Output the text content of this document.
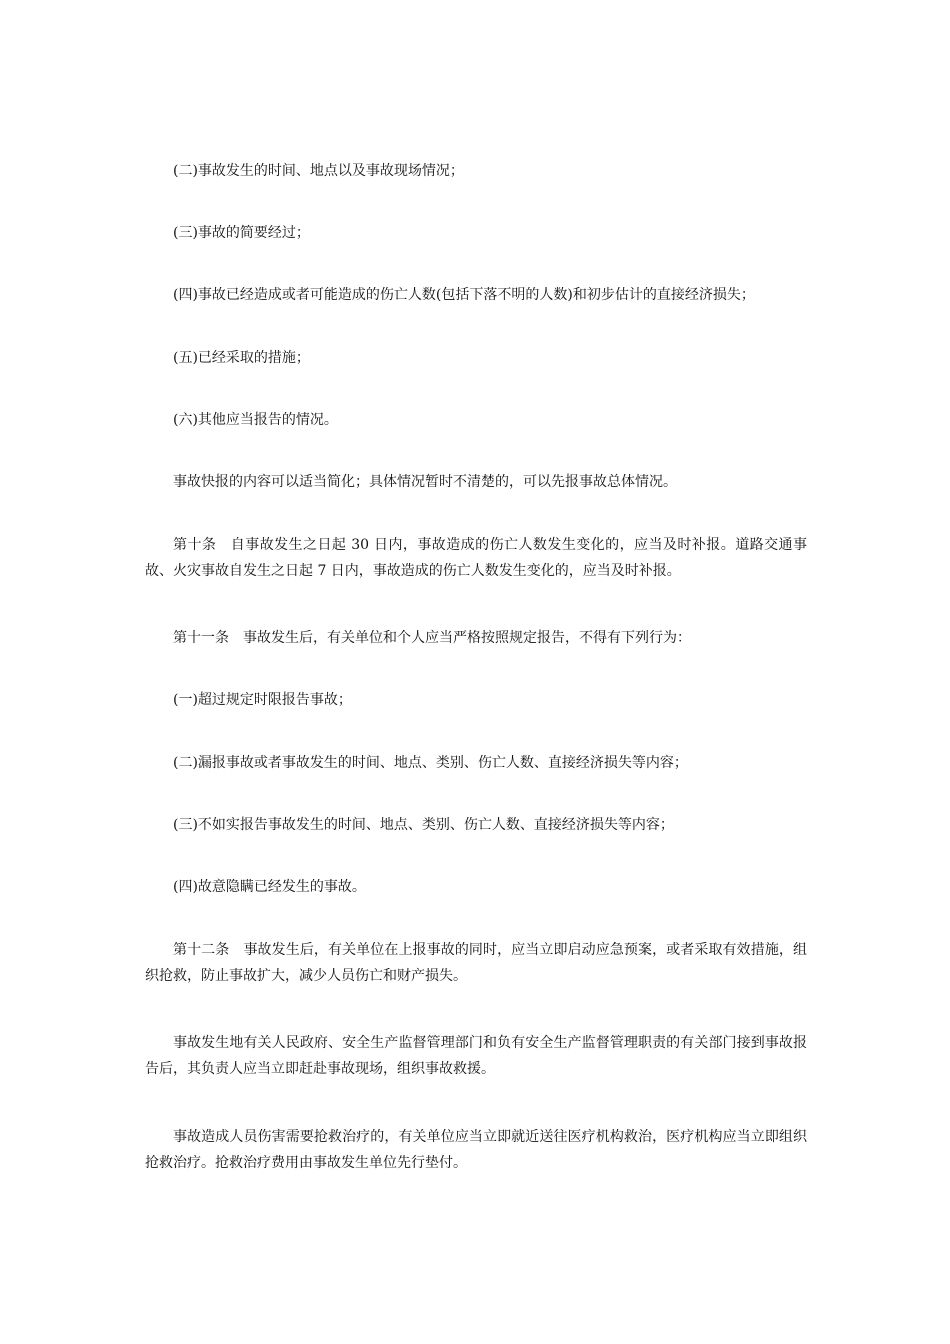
(二)事故发生的时间、地点以及事故现场情况；

(三)事故的简要经过；

(四)事故已经造成或者可能造成的伤亡人数(包括下落不明的人数)和初步估计的直接经济损失；

(五)已经采取的措施；

(六)其他应当报告的情况。

事故快报的内容可以适当简化；具体情况暂时不清楚的，可以先报事故总体情况。

第十条　自事故发生之日起 30 日内，事故造成的伤亡人数发生变化的，应当及时补报。道路交通事故、火灾事故自发生之日起 7 日内，事故造成的伤亡人数发生变化的，应当及时补报。

第十一条　事故发生后，有关单位和个人应当严格按照规定报告，不得有下列行为：

(一)超过规定时限报告事故；

(二)漏报事故或者事故发生的时间、地点、类别、伤亡人数、直接经济损失等内容；

(三)不如实报告事故发生的时间、地点、类别、伤亡人数、直接经济损失等内容；

(四)故意隐瞒已经发生的事故。

第十二条　事故发生后，有关单位在上报事故的同时，应当立即启动应急预案，或者采取有效措施，组织抢救，防止事故扩大，减少人员伤亡和财产损失。

事故发生地有关人民政府、安全生产监督管理部门和负有安全生产监督管理职责的有关部门接到事故报告后，其负责人应当立即赶赴事故现场，组织事故救援。

事故造成人员伤害需要抢救治疗的，有关单位应当立即就近送往医疗机构救治，医疗机构应当立即组织抢救治疗。抢救治疗费用由事故发生单位先行垫付。
